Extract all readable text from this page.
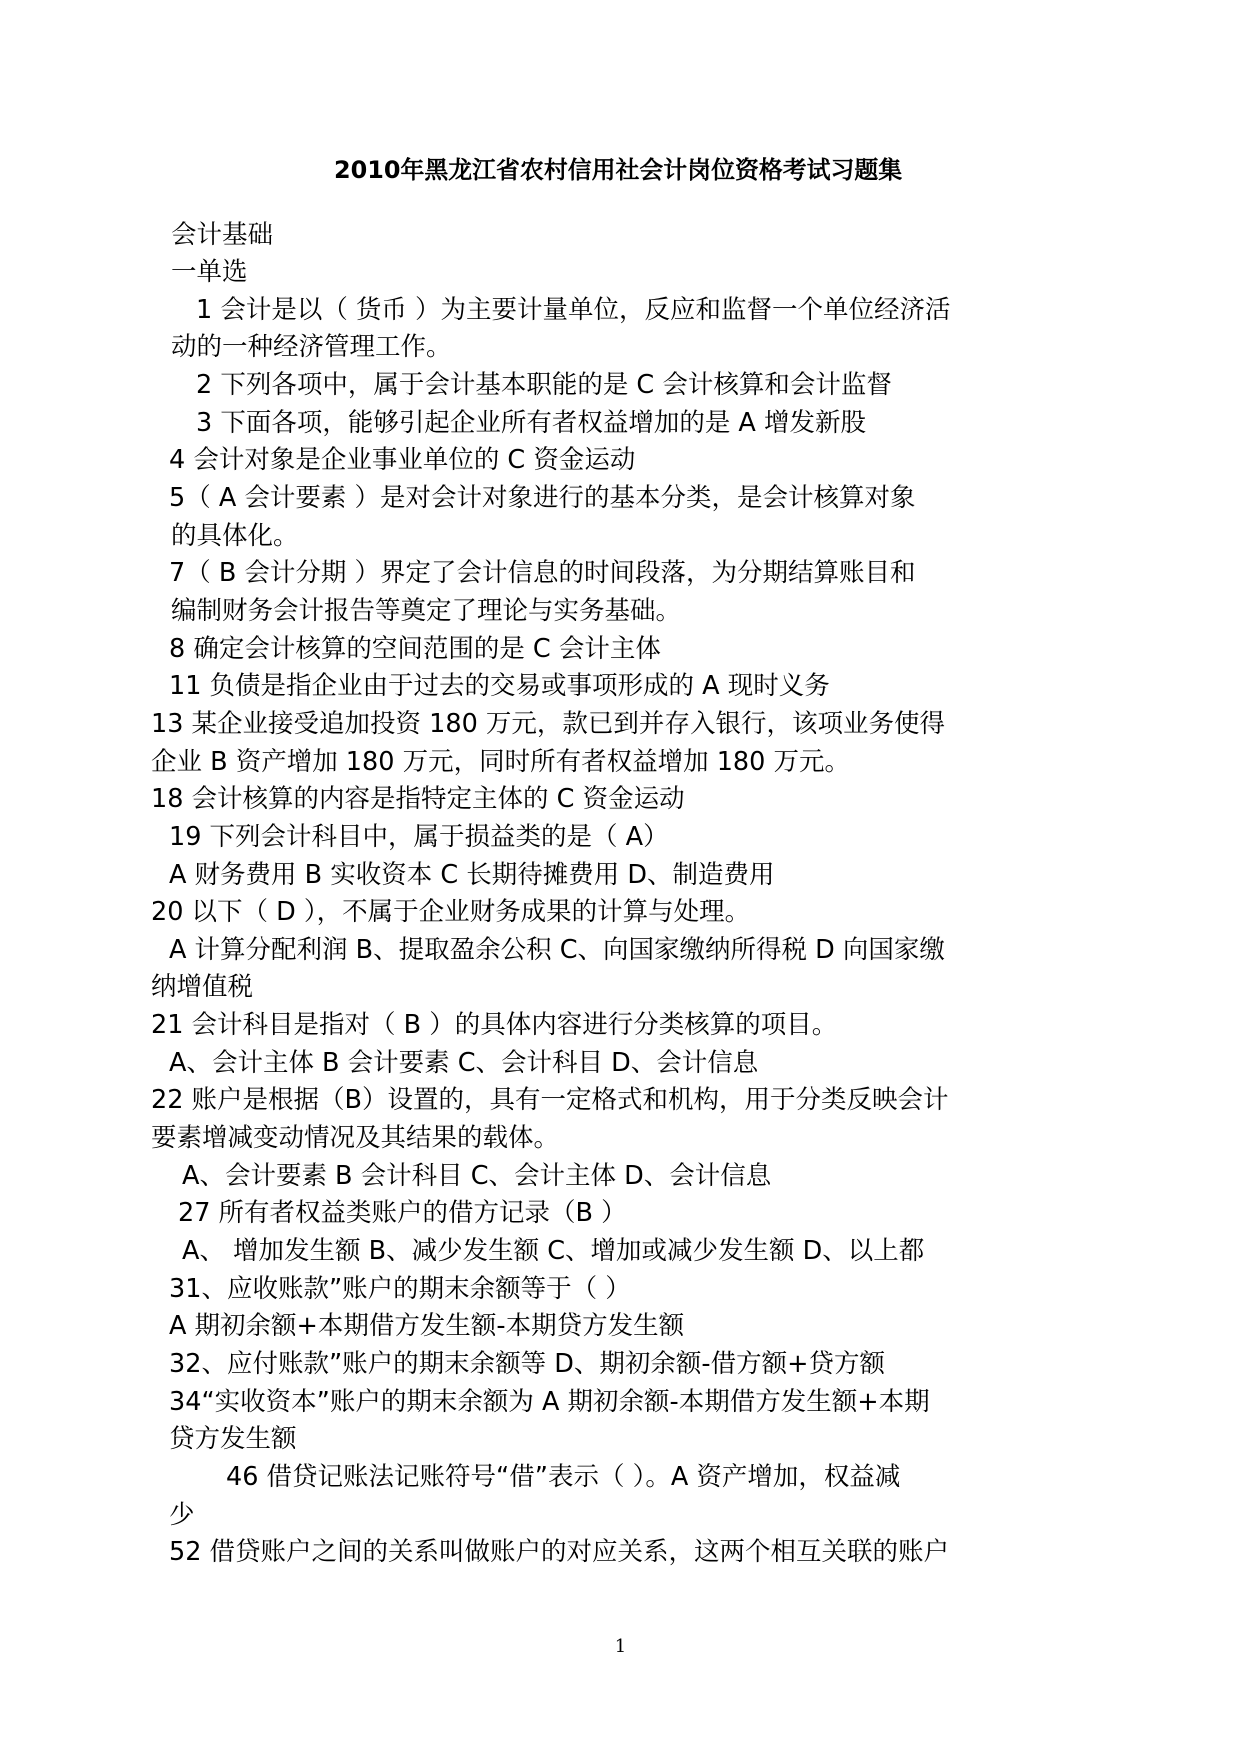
2010年黑龙江省农村信用社会计岗位资格考试习题集
会计基础
一单选
1 会计是以（ 货币 ）为主要计量单位，反应和监督一个单位经济活
动的一种经济管理工作。
2 下列各项中，属于会计基本职能的是 C 会计核算和会计监督
3 下面各项，能够引起企业所有者权益增加的是 A 增发新股
4 会计对象是企业事业单位的 C 资金运动
5（ A 会计要素 ）是对会计对象进行的基本分类，是会计核算对象
的具体化。
7（ B 会计分期 ）界定了会计信息的时间段落，为分期结算账目和
编制财务会计报告等奠定了理论与实务基础。
8 确定会计核算的空间范围的是 C 会计主体
11 负债是指企业由于过去的交易或事项形成的 A 现时义务
13 某企业接受追加投资 180 万元，款已到并存入银行，该项业务使得
企业 B 资产增加 180 万元，同时所有者权益增加 180 万元。
18 会计核算的内容是指特定主体的 C 资金运动
19 下列会计科目中，属于损益类的是（ A）
A 财务费用 B 实收资本 C 长期待摊费用 D、制造费用
20 以下（ D ），不属于企业财务成果的计算与处理。
A 计算分配利润 B、提取盈余公积 C、向国家缴纳所得税 D 向国家缴
纳增值税
21 会计科目是指对（ B ）的具体内容进行分类核算的项目。
A、会计主体 B 会计要素 C、会计科目 D、会计信息
22 账户是根据（B）设置的，具有一定格式和机构，用于分类反映会计
要素增减变动情况及其结果的载体。
A、会计要素 B 会计科目 C、会计主体 D、会计信息
27 所有者权益类账户的借方记录（B ）
A、 增加发生额 B、减少发生额 C、增加或减少发生额 D、以上都
31、应收账款”账户的期末余额等于（ ）
A 期初余额+本期借方发生额-本期贷方发生额
32、应付账款”账户的期末余额等 D、期初余额-借方额+贷方额
34“实收资本”账户的期末余额为 A 期初余额-本期借方发生额+本期
贷方发生额
46 借贷记账法记账符号“借”表示（ ）。A 资产增加，权益减
少
52 借贷账户之间的关系叫做账户的对应关系，这两个相互关联的账户
1
